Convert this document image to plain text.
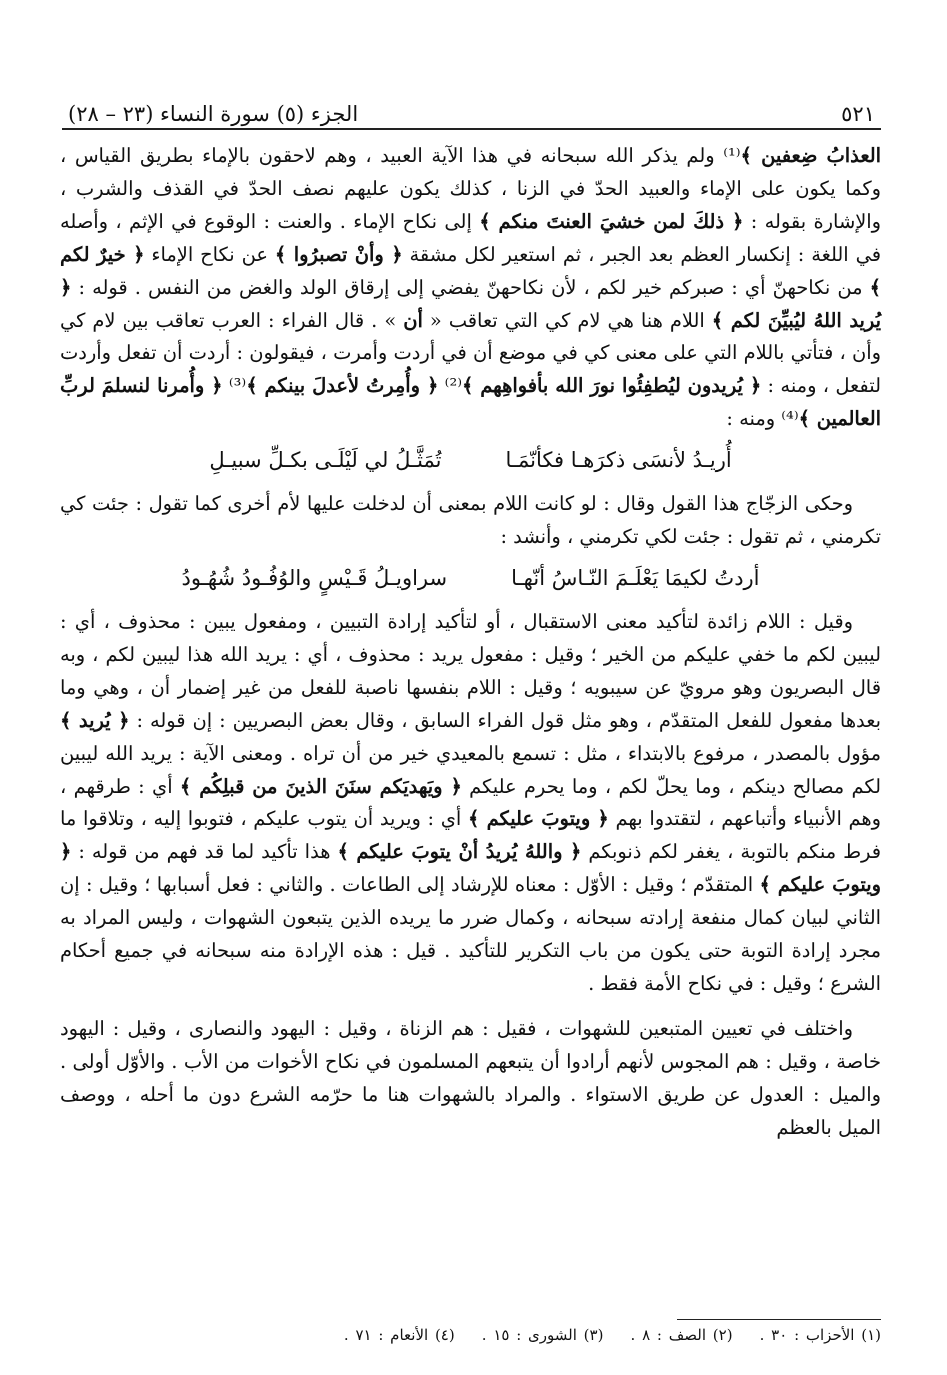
الجزء (٥) سورة النساء (٢٣ – ٢٨)	٥٢١

العذابُ ضِعفين ﴾⁽¹⁾ ولم يذكر الله سبحانه في هذا الآية العبيد ، وهم لاحقون بالإماء بطريق القياس ، وكما يكون على الإماء والعبيد الحدّ في الزنا ، كذلك يكون عليهم نصف الحدّ في القذف والشرب ، والإشارة بقوله : ﴿ ذلكَ لمن خشيَ العنتَ منكم ﴾ إلى نكاح الإماء . والعنت : الوقوع في الإثم ، وأصله في اللغة : إنكسار العظم بعد الجبر ، ثم استعير لكل مشقة ﴿ وأنْ تصبرُوا ﴾ عن نكاح الإماء ﴿ خيرٌ لكم ﴾ من نكاحهنّ أي : صبركم خير لكم ، لأن نكاحهنّ يفضي إلى إرقاق الولد والغض من النفس . قوله : ﴿ يُريد اللهُ ليُبيِّنَ لكم ﴾ اللام هنا هي لام كي التي تعاقب « أن » . قال الفراء : العرب تعاقب بين لام كي وأن ، فتأتي باللام التي على معنى كي في موضع أن في أردت وأمرت ، فيقولون : أردت أن تفعل وأردت لتفعل ، ومنه : ﴿ يُريدون ليُطفِئُوا نورَ الله بأفواهِهم ﴾⁽²⁾ ﴿ وأُمِرتُ لأعدلَ بينكم ﴾⁽³⁾ ﴿ وأُمرنا لنسلمَ لربِّ العالمين ﴾⁽⁴⁾ ومنه :

أُريـدُ لأنسَى ذكرَهـا فكأنّمَـا
تُمَثَّـلُ لي لَيْلَـى بكـلِّ سبيـلِ

وحكى الزجّاج هذا القول وقال : لو كانت اللام بمعنى أن لدخلت عليها لأم أخرى كما تقول : جئت كي تكرمني ، ثم تقول : جئت لكي تكرمني ، وأنشد :

أردتُ لكيمَا يَعْلَـمَ النّـاسُ أنّهـا
سراويـلُ قَـيْسٍ والوُفُـودُ شُهُـودُ

وقيل : اللام زائدة لتأكيد معنى الاستقبال ، أو لتأكيد إرادة التبيين ، ومفعول يبين : محذوف ، أي : ليبين لكم ما خفي عليكم من الخير ؛ وقيل : مفعول يريد : محذوف ، أي : يريد الله هذا ليبين لكم ، وبه قال البصريون وهو مرويّ عن سيبويه ؛ وقيل : اللام بنفسها ناصبة للفعل من غير إضمار أن ، وهي وما بعدها مفعول للفعل المتقدّم ، وهو مثل قول الفراء السابق ، وقال بعض البصريين : إن قوله : ﴿ يُريد ﴾ مؤول بالمصدر ، مرفوع بالابتداء ، مثل : تسمع بالمعيدي خير من أن تراه . ومعنى الآية : يريد الله ليبين لكم مصالح دينكم ، وما يحلّ لكم ، وما يحرم عليكم ﴿ ويَهديَكم سنَنَ الذينَ من قبلِكُم ﴾ أي : طرقهم ، وهم الأنبياء وأتباعهم ، لتقتدوا بهم ﴿ ويتوبَ عليكم ﴾ أي : ويريد أن يتوب عليكم ، فتوبوا إليه ، وتلاقوا ما فرط منكم بالتوبة ، يغفر لكم ذنوبكم ﴿ واللهُ يُريدُ أنْ يتوبَ عليكم ﴾ هذا تأكيد لما قد فهم من قوله : ﴿ ويتوبَ عليكم ﴾ المتقدّم ؛ وقيل : الأوّل : معناه للإرشاد إلى الطاعات . والثاني : فعل أسبابها ؛ وقيل : إن الثاني لبيان كمال منفعة إرادته سبحانه ، وكمال ضرر ما يريده الذين يتبعون الشهوات ، وليس المراد به مجرد إرادة التوبة حتى يكون من باب التكرير للتأكيد . قيل : هذه الإرادة منه سبحانه في جميع أحكام الشرع ؛ وقيل : في نكاح الأمة فقط .

واختلف في تعيين المتبعين للشهوات ، فقيل : هم الزناة ، وقيل : اليهود والنصارى ، وقيل : اليهود خاصة ، وقيل : هم المجوس لأنهم أرادوا أن يتبعهم المسلمون في نكاح الأخوات من الأب . والأوّل أولى . والميل : العدول عن طريق الاستواء . والمراد بالشهوات هنا ما حرّمه الشرع دون ما أحله ، ووصف الميل بالعظم

(١) الأحزاب : ٣٠ .    (٢) الصف : ٨ .    (٣) الشورى : ١٥ .    (٤) الأنعام : ٧١ .
